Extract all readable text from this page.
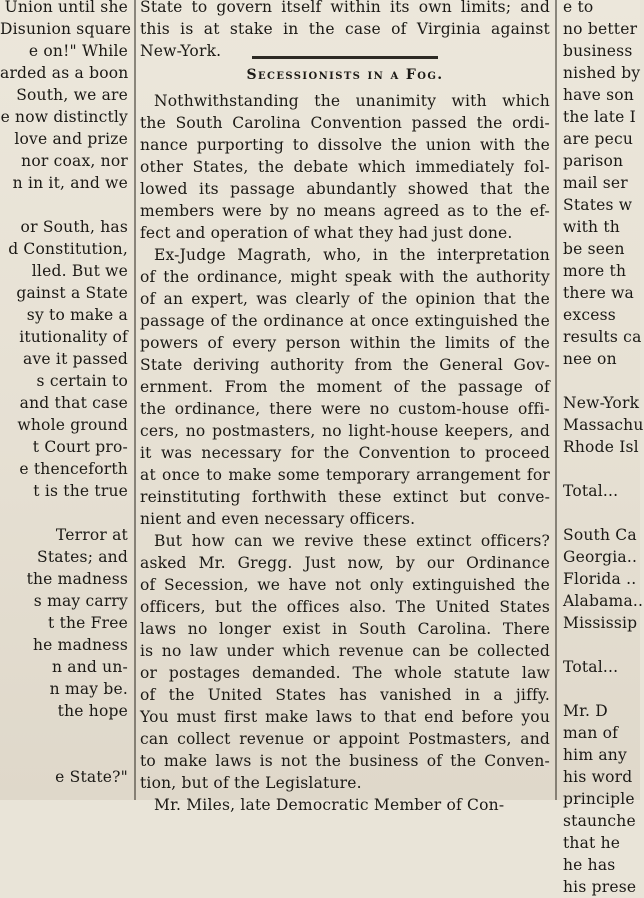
Union until she
Disunion square
e on!" While
arded as a boon
South, we are
e now distinctly
love and prize
nor coax, nor
n in it, and we

or South, has
d Constitution,
lled. But we
gainst a State
sy to make a
itutionality of
ave it passed
s certain to
and that case
whole ground
t Court pro-
e thenceforth
t is the true

Terror at
States; and
the madness
s may carry
t the Free
he madness
n and un-
n may be.
the hope

e State?"
State to govern itself within its own limits; and
this is at stake in the case of Virginia against
New-York.
Secessionists in a Fog.
Nothwithstanding the unanimity with which
the South Carolina Convention passed the ordi-
nance purporting to dissolve the union with the
other States, the debate which immediately fol-
lowed its passage abundantly showed that the
members were by no means agreed as to the ef-
fect and operation of what they had just done.
Ex-Judge Magrath, who, in the interpretation
of the ordinance, might speak with the authority
of an expert, was clearly of the opinion that the
passage of the ordinance at once extinguished the
powers of every person within the limits of the
State deriving authority from the General Gov-
ernment. From the moment of the passage of
the ordinance, there were no custom-house offi-
cers, no postmasters, no light-house keepers, and
it was necessary for the Convention to proceed
at once to make some temporary arrangement for
reinstituting forthwith these extinct but conve-
nient and even necessary officers.
But how can we revive these extinct officers?
asked Mr. Gregg. Just now, by our Ordinance
of Secession, we have not only extinguished the
officers, but the offices also. The United States
laws no longer exist in South Carolina. There
is no law under which revenue can be collected
or postages demanded. The whole statute law
of the United States has vanished in a jiffy.
You must first make laws to that end before you
can collect revenue or appoint Postmasters, and
to make laws is not the business of the Conven-
tion, but of the Legislature.
Mr. Miles, late Democratic Member of Con-
e to
no better
business
nished by
have son
the late I
are pecu
parison
mail ser
States w
with th
be seen
more th
there wa
excess
results ca
nee on

New-York
Massachu
Rhode Isl

Total...

South Ca
Georgia..
Florida ..
Alabama..
Mississip

Total...

Mr. D
man of
him any
his word
principle
staunche
that he
he has
his prese
